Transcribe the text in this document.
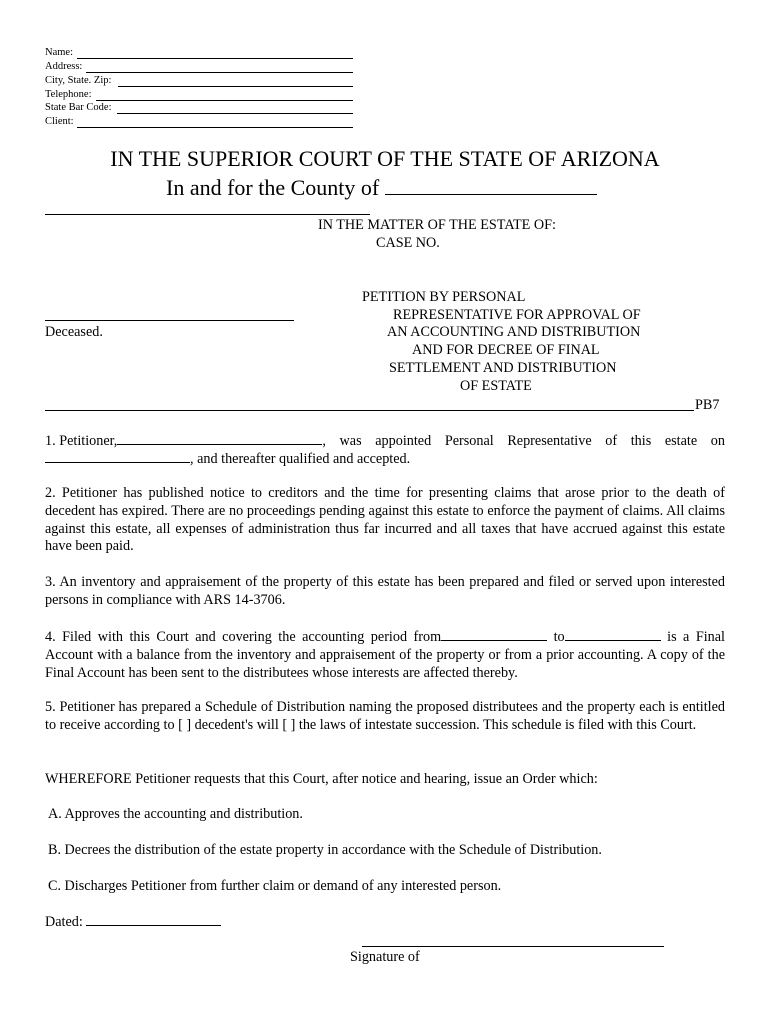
Name:
Address:
City, State. Zip:
Telephone:
State Bar Code:
Client:
IN THE SUPERIOR COURT OF THE STATE OF ARIZONA
In and for the County of
IN THE MATTER OF THE ESTATE OF:
CASE NO.
Deceased.
PETITION BY PERSONAL
REPRESENTATIVE FOR APPROVAL OF
AN ACCOUNTING AND DISTRIBUTION
AND FOR DECREE OF FINAL
SETTLEMENT AND DISTRIBUTION
OF ESTATE
PB7
1. Petitioner,	, was appointed Personal Representative of this estate on
, and thereafter qualified and accepted.
2. Petitioner has published notice to creditors and the time for presenting claims that arose prior to the death of decedent has expired. There are no proceedings pending against this estate to enforce the payment of claims. All claims against this estate, all expenses of administration thus far incurred and all taxes that have accrued against this estate have been paid.
3. An inventory and appraisement of the property of this estate has been prepared and filed or served upon interested persons in compliance with ARS 14-3706.
4. Filed with this Court and covering the accounting period from	to	is a Final Account with a balance from the inventory and appraisement of the property or from a prior accounting. A copy of the Final Account has been sent to the distributees whose interests are affected thereby.
5. Petitioner has prepared a Schedule of Distribution naming the proposed distributees and the property each is entitled to receive according to [ ] decedent's will [ ] the laws of intestate succession. This schedule is filed with this Court.
WHEREFORE Petitioner requests that this Court, after notice and hearing, issue an Order which:
A. Approves the accounting and distribution.
B. Decrees the distribution of the estate property in accordance with the Schedule of Distribution.
C. Discharges Petitioner from further claim or demand of any interested person.
Dated:
Signature of
